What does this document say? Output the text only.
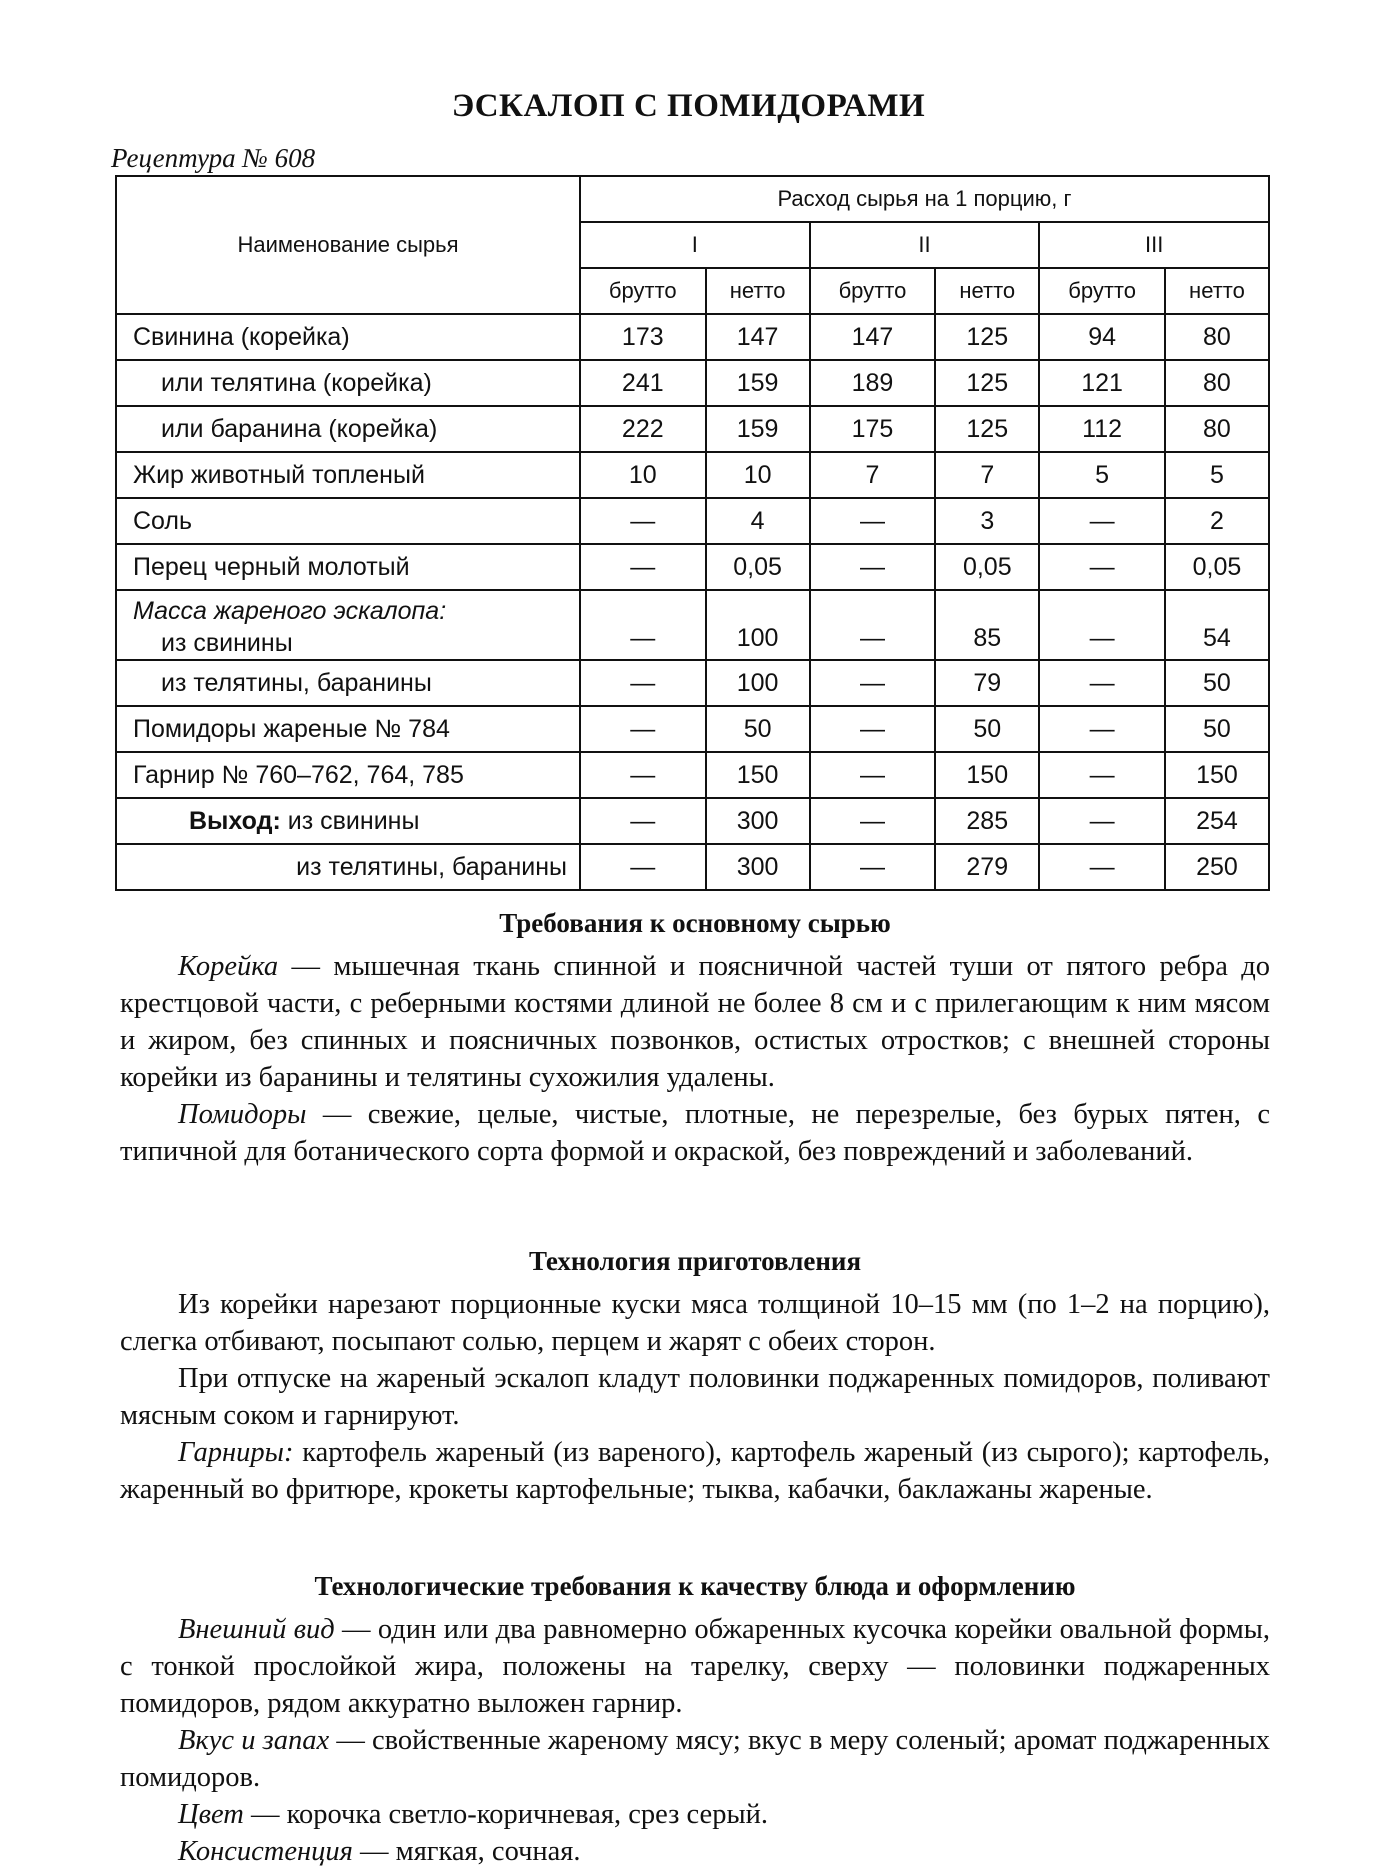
ЭСКАЛОП С ПОМИДОРАМИ
Рецептура № 608
Наименование сырья	Расход сырья на 1 порцию, г					
	I		II		III	
	брутто	нетто	брутто	нетто	брутто	нетто
Свинина (корейка)	173	147	147	125	94	80
или телятина (корейка)	241	159	189	125	121	80
или баранина (корейка)	222	159	175	125	112	80
Жир животный топленый	10	10	7	7	5	5
Соль	—	4	—	3	—	2
Перец черный молотый	—	0,05	—	0,05	—	0,05
Масса жареного эскалопа:
из свинины	—	100	—	85	—	54
из телятины, баранины	—	100	—	79	—	50
Помидоры жареные № 784	—	50	—	50	—	50
Гарнир № 760–762, 764, 785	—	150	—	150	—	150
Выход: из свинины	—	300	—	285	—	254
из телятины, баранины	—	300	—	279	—	250
Требования к основному сырью

Корейка — мышечная ткань спинной и поясничной частей туши от пятого ребра до крестцовой части, с реберными костями длиной не более 8 см и с прилегающим к ним мясом и жиром, без спинных и поясничных позвонков, остистых отростков; с внешней стороны корейки из баранины и телятины сухожилия удалены.

Помидоры — свежие, целые, чистые, плотные, не перезрелые, без бурых пятен, с типичной для ботанического сорта формой и окраской, без повреждений и заболеваний.

Технология приготовления

Из корейки нарезают порционные куски мяса толщиной 10–15 мм (по 1–2 на порцию), слегка отбивают, посыпают солью, перцем и жарят с обеих сторон.

При отпуске на жареный эскалоп кладут половинки поджаренных помидоров, поливают мясным соком и гарнируют.

Гарниры: картофель жареный (из вареного), картофель жареный (из сырого); картофель, жаренный во фритюре, крокеты картофельные; тыква, кабачки, баклажаны жареные.

Технологические требования к качеству блюда и оформлению

Внешний вид — один или два равномерно обжаренных кусочка корейки овальной формы, с тонкой прослойкой жира, положены на тарелку, сверху — половинки поджаренных помидоров, рядом аккуратно выложен гарнир.

Вкус и запах — свойственные жареному мясу; вкус в меру соленый; аромат поджаренных помидоров.

Цвет — корочка светло-коричневая, срез серый.

Консистенция — мягкая, сочная.
